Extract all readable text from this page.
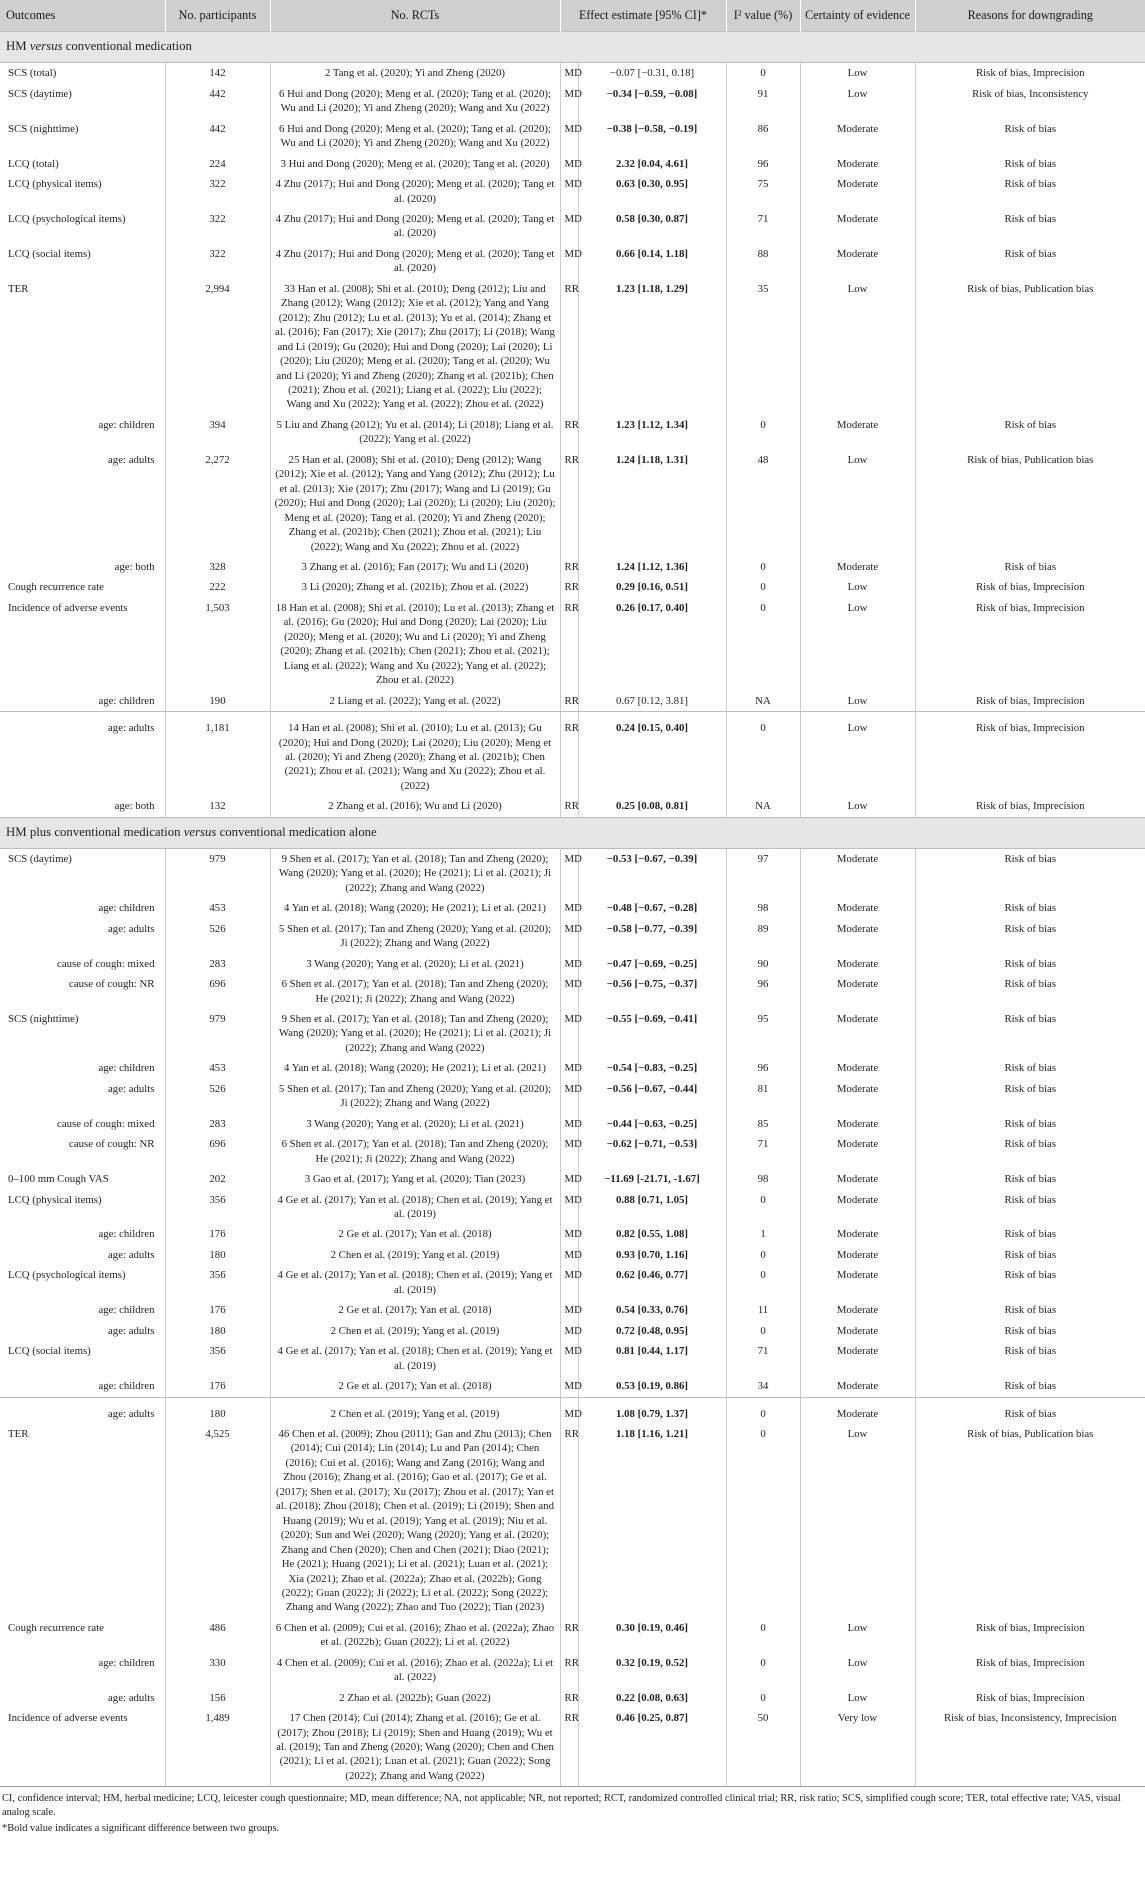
Outcomes	No. participants	No. RCTs	Effect estimate [95% CI]*		I² value (%)	Certainty of evidence	Reasons for downgrading
HM versus conventional medication							
SCS (total)	142	2 Tang et al. (2020); Yi and Zheng (2020)	MD	−0.07 [−0.31, 0.18]	0	Low	Risk of bias, Imprecision
SCS (daytime)	442	6 Hui and Dong (2020); Meng et al. (2020); Tang et al. (2020); Wu and Li (2020); Yi and Zheng (2020); Wang and Xu (2022)	MD	−0.34 [−0.59, −0.08]	91	Low	Risk of bias, Inconsistency
SCS (nighttime)	442	6 Hui and Dong (2020); Meng et al. (2020); Tang et al. (2020); Wu and Li (2020); Yi and Zheng (2020); Wang and Xu (2022)	MD	−0.38 [−0.58, −0.19]	86	Moderate	Risk of bias
LCQ (total)	224	3 Hui and Dong (2020); Meng et al. (2020); Tang et al. (2020)	MD	2.32 [0.04, 4.61]	96	Moderate	Risk of bias
LCQ (physical items)	322	4 Zhu (2017); Hui and Dong (2020); Meng et al. (2020); Tang et al. (2020)	MD	0.63 [0.30, 0.95]	75	Moderate	Risk of bias
LCQ (psychological items)	322	4 Zhu (2017); Hui and Dong (2020); Meng et al. (2020); Tang et al. (2020)	MD	0.58 [0.30, 0.87]	71	Moderate	Risk of bias
LCQ (social items)	322	4 Zhu (2017); Hui and Dong (2020); Meng et al. (2020); Tang et al. (2020)	MD	0.66 [0.14, 1.18]	88	Moderate	Risk of bias
TER	2,994	33 Han et al. (2008); Shi et al. (2010); Deng (2012); Liu and Zhang (2012); Wang (2012); Xie et al. (2012); Yang and Yang (2012); Zhu (2012); Lu et al. (2013); Yu et al. (2014); Zhang et al. (2016); Fan (2017); Xie (2017); Zhu (2017); Li (2018); Wang and Li (2019); Gu (2020); Hui and Dong (2020); Lai (2020); Li (2020); Liu (2020); Meng et al. (2020); Tang et al. (2020); Wu and Li (2020); Yi and Zheng (2020); Zhang et al. (2021b); Chen (2021); Zhou et al. (2021); Liang et al. (2022); Liu (2022); Wang and Xu (2022); Yang et al. (2022); Zhou et al. (2022)	RR	1.23 [1.18, 1.29]	35	Low	Risk of bias, Publication bias
age: children	394	5 Liu and Zhang (2012); Yu et al. (2014); Li (2018); Liang et al. (2022); Yang et al. (2022)	RR	1.23 [1.12, 1.34]	0	Moderate	Risk of bias
age: adults	2,272	25 Han et al. (2008); Shi et al. (2010); Deng (2012); Wang (2012); Xie et al. (2012); Yang and Yang (2012); Zhu (2012); Lu et al. (2013); Xie (2017); Zhu (2017); Wang and Li (2019); Gu (2020); Hui and Dong (2020); Lai (2020); Li (2020); Liu (2020); Meng et al. (2020); Tang et al. (2020); Yi and Zheng (2020); Zhang et al. (2021b); Chen (2021); Zhou et al. (2021); Liu (2022); Wang and Xu (2022); Zhou et al. (2022)	RR	1.24 [1.18, 1.31]	48	Low	Risk of bias, Publication bias
age: both	328	3 Zhang et al. (2016); Fan (2017); Wu and Li (2020)	RR	1.24 [1.12, 1.36]	0	Moderate	Risk of bias
Cough recurrence rate	222	3 Li (2020); Zhang et al. (2021b); Zhou et al. (2022)	RR	0.29 [0.16, 0.51]	0	Low	Risk of bias, Imprecision
Incidence of adverse events	1,503	18 Han et al. (2008); Shi et al. (2010); Lu et al. (2013); Zhang et al. (2016); Gu (2020); Hui and Dong (2020); Lai (2020); Liu (2020); Meng et al. (2020); Wu and Li (2020); Yi and Zheng (2020); Zhang et al. (2021b); Chen (2021); Zhou et al. (2021); Liang et al. (2022); Wang and Xu (2022); Yang et al. (2022); Zhou et al. (2022)	RR	0.26 [0.17, 0.40]	0	Low	Risk of bias, Imprecision
age: children	190	2 Liang et al. (2022); Yang et al. (2022)	RR	0.67 [0.12, 3.81]	NA	Low	Risk of bias, Imprecision

age: adults	1,181	14 Han et al. (2008); Shi et al. (2010); Lu et al. (2013); Gu (2020); Hui and Dong (2020); Lai (2020); Liu (2020); Meng et al. (2020); Yi and Zheng (2020); Zhang et al. (2021b); Chen (2021); Zhou et al. (2021); Wang and Xu (2022); Zhou et al. (2022)	RR	0.24 [0.15, 0.40]	0	Low	Risk of bias, Imprecision
age: both	132	2 Zhang et al. (2016); Wu and Li (2020)	RR	0.25 [0.08, 0.81]	NA	Low	Risk of bias, Imprecision
HM plus conventional medication versus conventional medication alone							
SCS (daytime)	979	9 Shen et al. (2017); Yan et al. (2018); Tan and Zheng (2020); Wang (2020); Yang et al. (2020); He (2021); Li et al. (2021); Ji (2022); Zhang and Wang (2022)	MD	−0.53 [−0.67, −0.39]	97	Moderate	Risk of bias
age: children	453	4 Yan et al. (2018); Wang (2020); He (2021); Li et al. (2021)	MD	−0.48 [−0.67, −0.28]	98	Moderate	Risk of bias
age: adults	526	5 Shen et al. (2017); Tan and Zheng (2020); Yang et al. (2020); Ji (2022); Zhang and Wang (2022)	MD	−0.58 [−0.77, −0.39]	89	Moderate	Risk of bias
cause of cough: mixed	283	3 Wang (2020); Yang et al. (2020); Li et al. (2021)	MD	−0.47 [−0.69, −0.25]	90	Moderate	Risk of bias
cause of cough: NR	696	6 Shen et al. (2017); Yan et al. (2018); Tan and Zheng (2020); He (2021); Ji (2022); Zhang and Wang (2022)	MD	−0.56 [−0.75, −0.37]	96	Moderate	Risk of bias
SCS (nighttime)	979	9 Shen et al. (2017); Yan et al. (2018); Tan and Zheng (2020); Wang (2020); Yang et al. (2020); He (2021); Li et al. (2021); Ji (2022); Zhang and Wang (2022)	MD	−0.55 [−0.69, −0.41]	95	Moderate	Risk of bias
age: children	453	4 Yan et al. (2018); Wang (2020); He (2021); Li et al. (2021)	MD	−0.54 [−0.83, −0.25]	96	Moderate	Risk of bias
age: adults	526	5 Shen et al. (2017); Tan and Zheng (2020); Yang et al. (2020); Ji (2022); Zhang and Wang (2022)	MD	−0.56 [−0.67, −0.44]	81	Moderate	Risk of bias
cause of cough: mixed	283	3 Wang (2020); Yang et al. (2020); Li et al. (2021)	MD	−0.44 [−0.63, −0.25]	85	Moderate	Risk of bias
cause of cough: NR	696	6 Shen et al. (2017); Yan et al. (2018); Tan and Zheng (2020); He (2021); Ji (2022); Zhang and Wang (2022)	MD	−0.62 [−0.71, −0.53]	71	Moderate	Risk of bias
0–100 mm Cough VAS	202	3 Gao et al. (2017); Yang et al. (2020); Tian (2023)	MD	−11.69 [-21.71, -1.67]	98	Moderate	Risk of bias
LCQ (physical items)	356	4 Ge et al. (2017); Yan et al. (2018); Chen et al. (2019); Yang et al. (2019)	MD	0.88 [0.71, 1.05]	0	Moderate	Risk of bias
age: children	176	2 Ge et al. (2017); Yan et al. (2018)	MD	0.82 [0.55, 1.08]	1	Moderate	Risk of bias
age: adults	180	2 Chen et al. (2019); Yang et al. (2019)	MD	0.93 [0.70, 1.16]	0	Moderate	Risk of bias
LCQ (psychological items)	356	4 Ge et al. (2017); Yan et al. (2018); Chen et al. (2019); Yang et al. (2019)	MD	0.62 [0.46, 0.77]	0	Moderate	Risk of bias
age: children	176	2 Ge et al. (2017); Yan et al. (2018)	MD	0.54 [0.33, 0.76]	11	Moderate	Risk of bias
age: adults	180	2 Chen et al. (2019); Yang et al. (2019)	MD	0.72 [0.48, 0.95]	0	Moderate	Risk of bias
LCQ (social items)	356	4 Ge et al. (2017); Yan et al. (2018); Chen et al. (2019); Yang et al. (2019)	MD	0.81 [0.44, 1.17]	71	Moderate	Risk of bias
age: children	176	2 Ge et al. (2017); Yan et al. (2018)	MD	0.53 [0.19, 0.86]	34	Moderate	Risk of bias

age: adults	180	2 Chen et al. (2019); Yang et al. (2019)	MD	1.08 [0.79, 1.37]	0	Moderate	Risk of bias
TER	4,525	46 Chen et al. (2009); Zhou (2011); Gan and Zhu (2013); Chen (2014); Cui (2014); Lin (2014); Lu and Pan (2014); Chen (2016); Cui et al. (2016); Wang and Zang (2016); Wang and Zhou (2016); Zhang et al. (2016); Gao et al. (2017); Ge et al. (2017); Shen et al. (2017); Xu (2017); Zhou et al. (2017); Yan et al. (2018); Zhou (2018); Chen et al. (2019); Li (2019); Shen and Huang (2019); Wu et al. (2019); Yang et al. (2019); Niu et al. (2020); Sun and Wei (2020); Wang (2020); Yang et al. (2020); Zhang and Chen (2020); Chen and Chen (2021); Diao (2021); He (2021); Huang (2021); Li et al. (2021); Luan et al. (2021); Xia (2021); Zhao et al. (2022a); Zhao et al. (2022b); Gong (2022); Guan (2022); Ji (2022); Li et al. (2022); Song (2022); Zhang and Wang (2022); Zhao and Tuo (2022); Tian (2023)	RR	1.18 [1.16, 1.21]	0	Low	Risk of bias, Publication bias
Cough recurrence rate	486	6 Chen et al. (2009); Cui et al. (2016); Zhao et al. (2022a); Zhao et al. (2022b); Guan (2022); Li et al. (2022)	RR	0.30 [0.19, 0.46]	0	Low	Risk of bias, Imprecision
age: children	330	4 Chen et al. (2009); Cui et al. (2016); Zhao et al. (2022a); Li et al. (2022)	RR	0.32 [0.19, 0.52]	0	Low	Risk of bias, Imprecision
age: adults	156	2 Zhao et al. (2022b); Guan (2022)	RR	0.22 [0.08, 0.63]	0	Low	Risk of bias, Imprecision
Incidence of adverse events	1,489	17 Chen (2014); Cui (2014); Zhang et al. (2016); Ge et al. (2017); Zhou (2018); Li (2019); Shen and Huang (2019); Wu et al. (2019); Tan and Zheng (2020); Wang (2020); Chen and Chen (2021); Li et al. (2021); Luan et al. (2021); Guan (2022); Song (2022); Zhang and Wang (2022)	RR	0.46 [0.25, 0.87]	50	Very low	Risk of bias, Inconsistency, Imprecision

CI, confidence interval; HM, herbal medicine; LCQ, leicester cough questionnaire; MD, mean difference; NA, not applicable; NR, not reported; RCT, randomized controlled clinical trial; RR, risk ratio; SCS, simplified cough score; TER, total effective rate; VAS, visual analog scale.

*Bold value indicates a significant difference between two groups.
